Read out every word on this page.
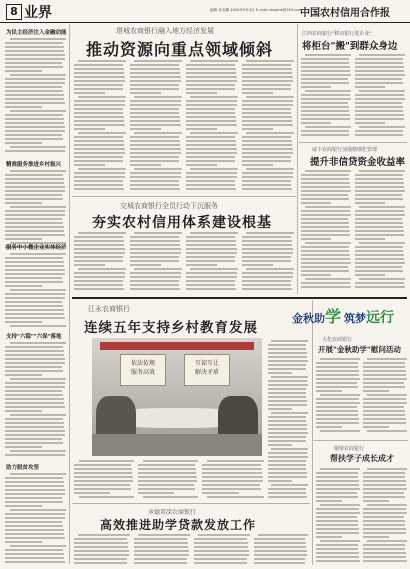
8 业界	编辑 孙宝鹏 2020年9月4日 E-mail:nbsgmk@163.com
中国农村信用合作报
为民主经济注入金融动能
精准服务推进乡村振兴
服务中小微企业实体经济
支持"六稳""六保"落地
助力脱贫攻坚
塔城农商银行融入地方经济发展
推动资源向重点领域倾斜
江西农商银行"移动银行进企业"
将柜台"搬"到群众身边
咸丰农商银行加强精细化管理
提升非信贷资金收益率
交城农商银行全员行动下沉服务
夯实农村信用体系建设根基
江永农商银行
连续五年支持乡村教育发展
依法依规
服务高效
互谅互让
解决矛盾
承德双滦农商银行
高效推进助学贷款发放工作
金秋助学 筑梦远行
大化农商银行
开展"金秋助学"慰问活动
铜梁农商银行
帮扶学子成长成才
